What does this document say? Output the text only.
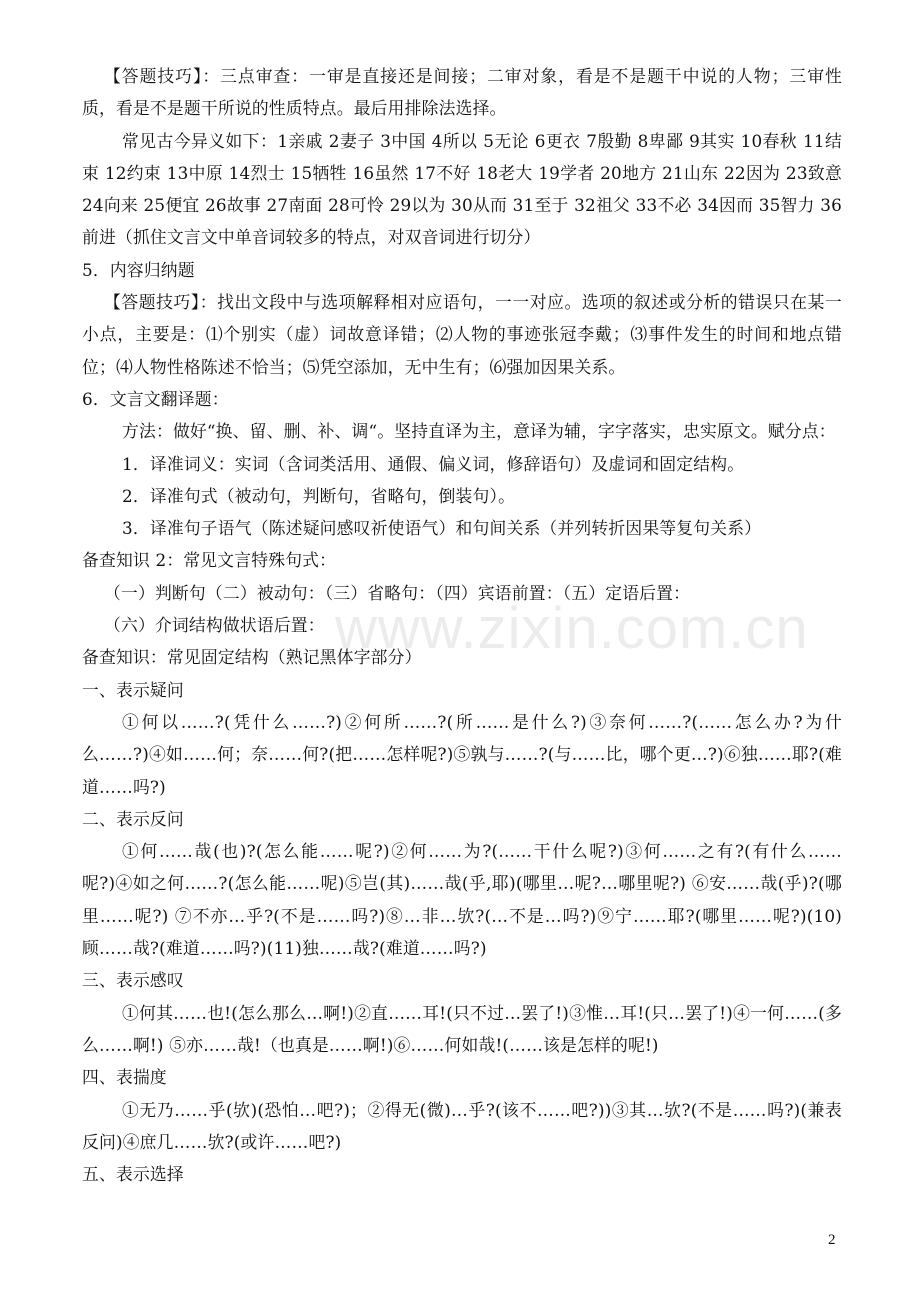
【答题技巧】：三点审查：一审是直接还是间接；二审对象，看是不是题干中说的人物；三审性质，看是不是题干所说的性质特点。最后用排除法选择。

常见古今异义如下：1亲戚 2妻子 3中国 4所以 5无论 6更衣 7殷勤 8卑鄙 9其实 10春秋 11结束 12约束 13中原 14烈士 15牺牲 16虽然 17不好 18老大 19学者 20地方 21山东 22因为 23致意 24向来 25便宜 26故事 27南面 28可怜 29以为 30从而 31至于 32祖父 33不必 34因而 35智力 36前进（抓住文言文中单音词较多的特点，对双音词进行切分）

5．内容归纳题

【答题技巧】：找出文段中与选项解释相对应语句，一一对应。选项的叙述或分析的错误只在某一小点，主要是：⑴个别实（虚）词故意译错；⑵人物的事迹张冠李戴；⑶事件发生的时间和地点错位；⑷人物性格陈述不恰当；⑸凭空添加，无中生有；⑹强加因果关系。

6．文言文翻译题：

方法：做好“换、留、删、补、调“。坚持直译为主，意译为辅，字字落实，忠实原文。赋分点：

1．译准词义：实词（含词类活用、通假、偏义词，修辞语句）及虚词和固定结构。

2．译准句式（被动句，判断句，省略句，倒装句）。

3．译准句子语气（陈述疑问感叹祈使语气）和句间关系（并列转折因果等复句关系）

备查知识 2：常见文言特殊句式：

（一）判断句（二）被动句：（三）省略句：（四）宾语前置：（五）定语后置：

（六）介词结构做状语后置：

备查知识：常见固定结构（熟记黑体字部分）

一、表示疑问

①何以……?(凭什么……?)②何所……?(所……是什么?)③奈何……?(……怎么办?为什么……?)④如……何；奈……何?(把……怎样呢?)⑤孰与……?(与……比，哪个更…?)⑥独……耶?(难道……吗?)

二、表示反问

①何……哉(也)?(怎么能……呢?)②何……为?(……干什么呢?)③何……之有?(有什么……呢?)④如之何……?(怎么能……呢)⑤岂(其)……哉(乎,耶)(哪里…呢?…哪里呢?) ⑥安……哉(乎)?(哪里……呢?) ⑦不亦…乎?(不是……吗?)⑧…非…欤?(…不是…吗?)⑨宁……耶?(哪里……呢?)(10)顾……哉?(难道……吗?)(11)独……哉?(难道……吗?)

三、表示感叹

①何其……也!(怎么那么…啊!)②直……耳!(只不过…罢了!)③惟…耳!(只…罢了!)④一何……(多么……啊!) ⑤亦……哉!（也真是……啊!)⑥……何如哉!(……该是怎样的呢!)

四、表揣度

①无乃……乎(欤)(恐怕…吧?)；②得无(微)…乎?(该不……吧?))③其…欤?(不是……吗?)(兼表反问)④庶几……欤?(或许……吧?)

五、表示选择

www.zixin.com.cn
2
